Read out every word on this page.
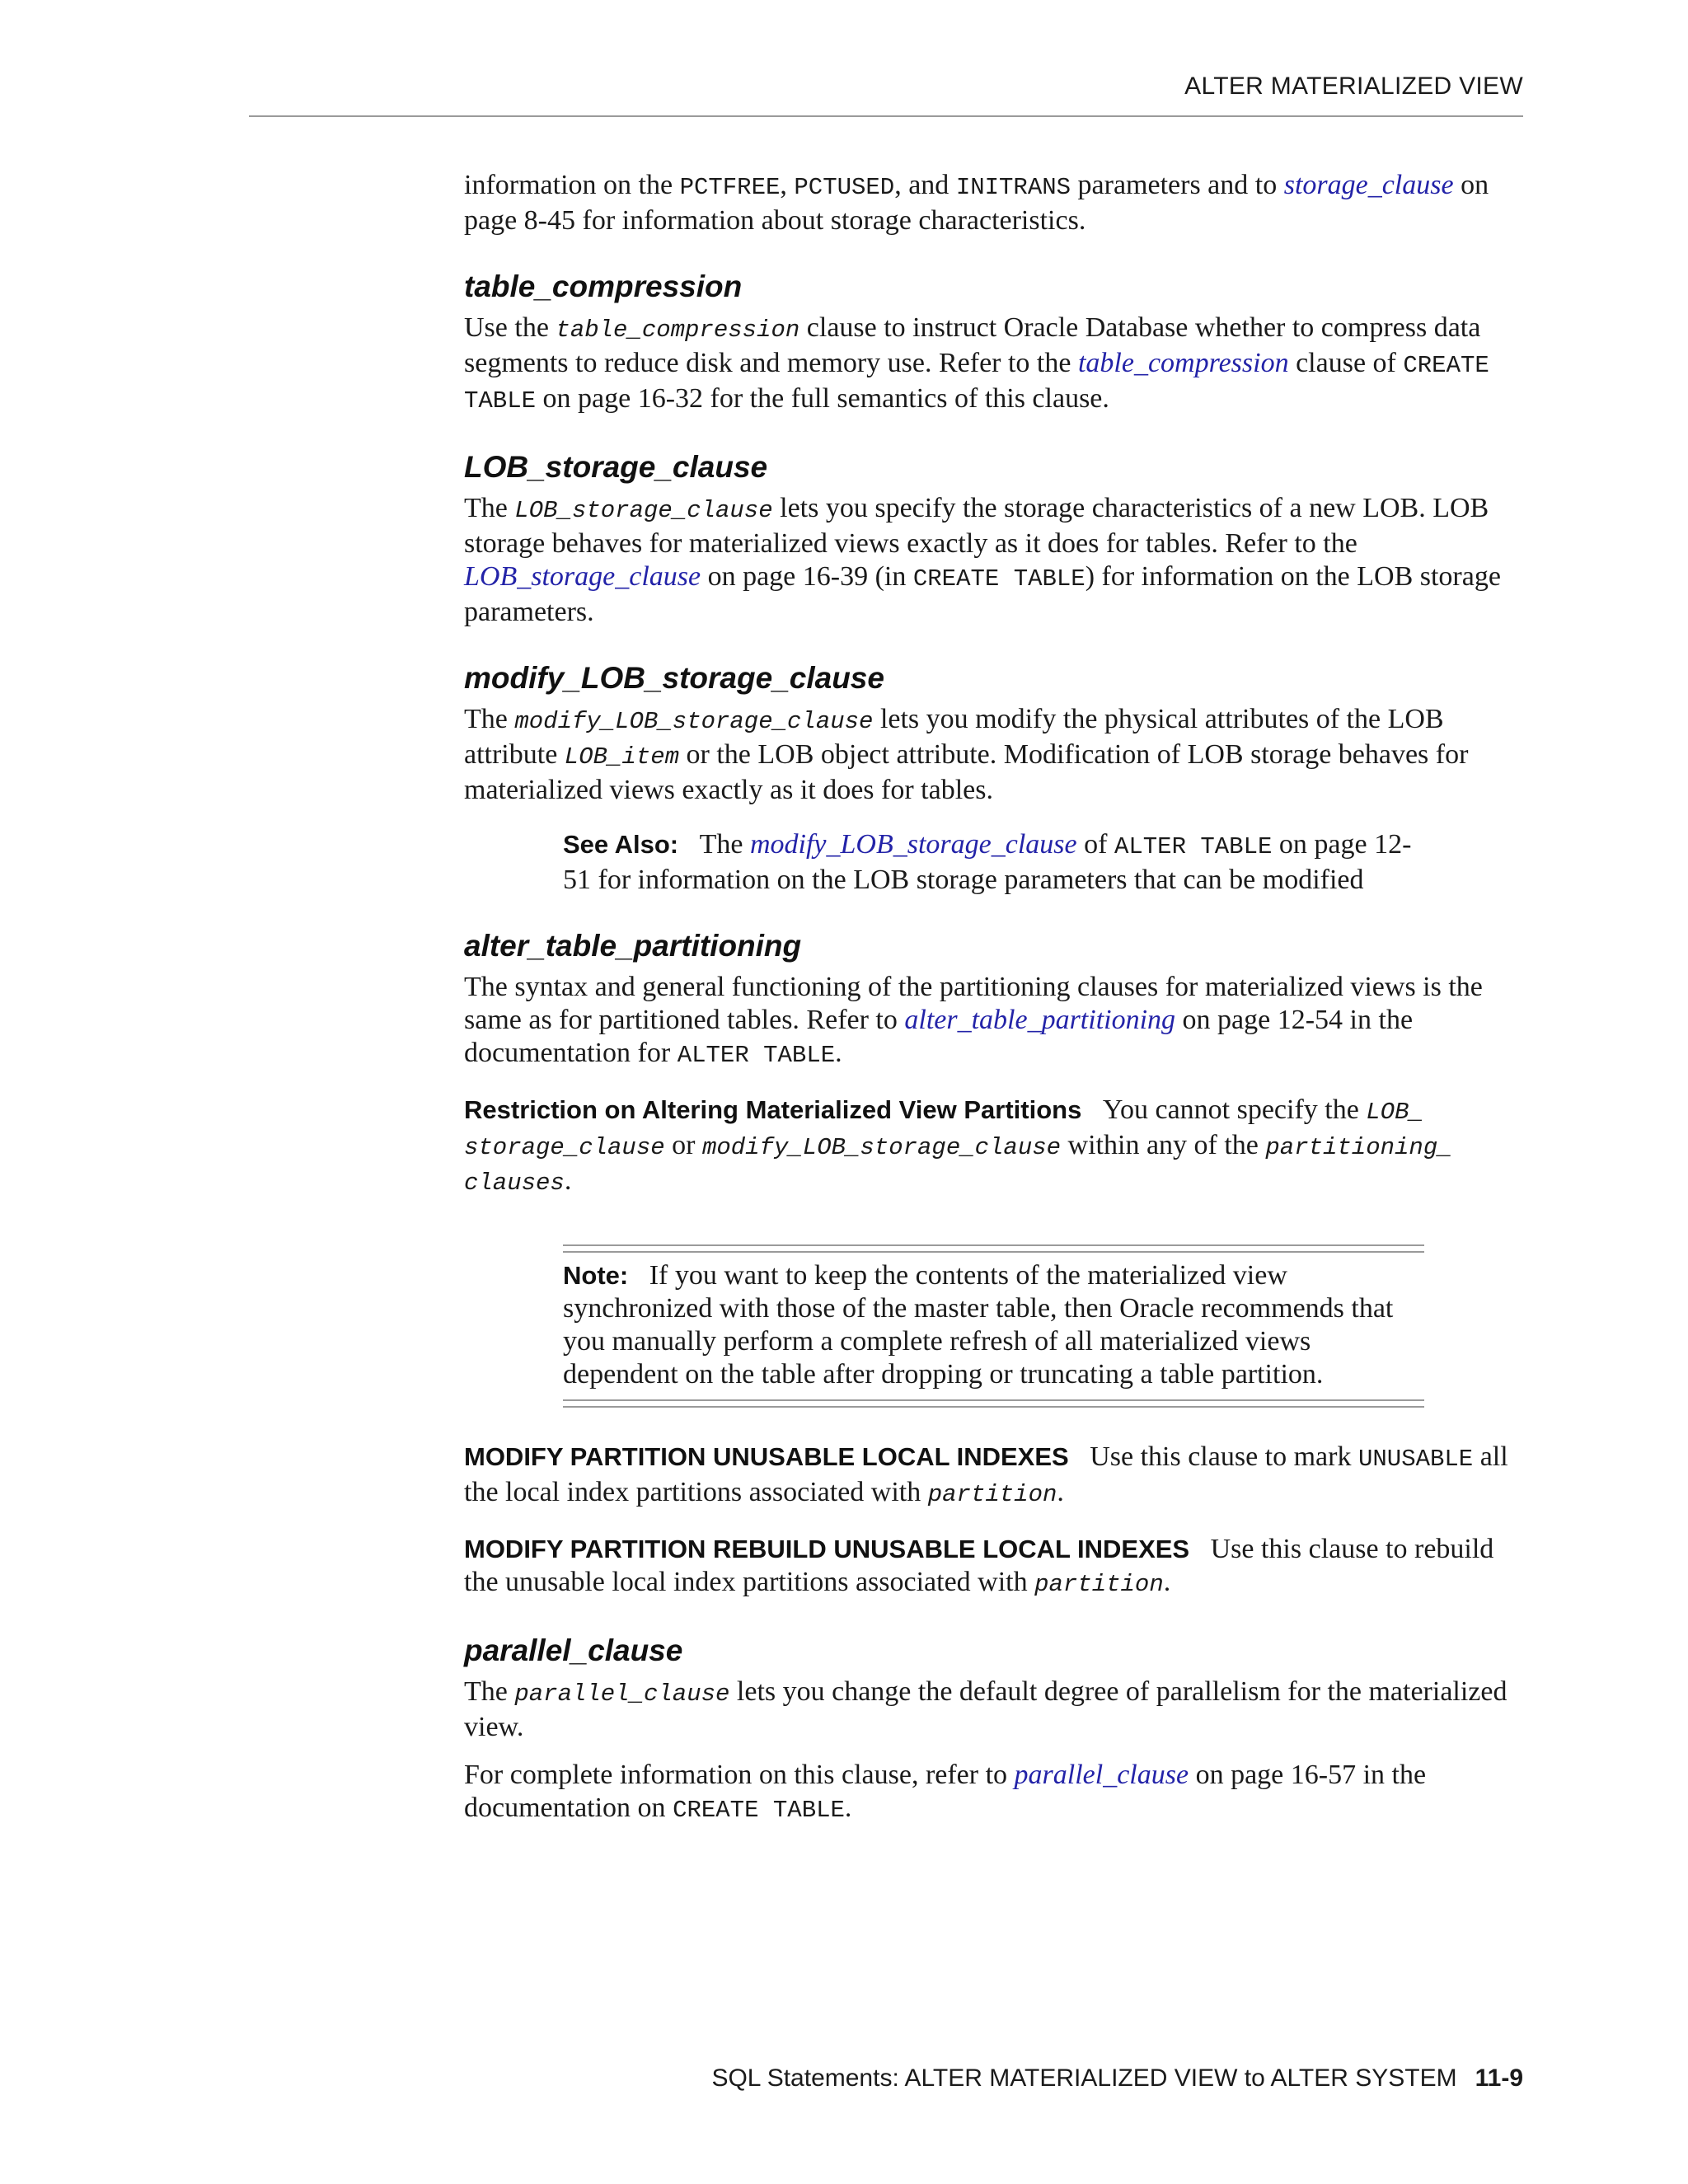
ALTER MATERIALIZED VIEW

information on the PCTFREE, PCTUSED, and INITRANS parameters and to storage_clause on page 8-45 for information about storage characteristics.

table_compression

Use the table_compression clause to instruct Oracle Database whether to compress data segments to reduce disk and memory use. Refer to the table_compression clause of CREATE TABLE on page 16-32 for the full semantics of this clause.

LOB_storage_clause

The LOB_storage_clause lets you specify the storage characteristics of a new LOB. LOB storage behaves for materialized views exactly as it does for tables. Refer to the LOB_storage_clause on page 16-39 (in CREATE TABLE) for information on the LOB storage parameters.

modify_LOB_storage_clause

The modify_LOB_storage_clause lets you modify the physical attributes of the LOB attribute LOB_item or the LOB object attribute. Modification of LOB storage behaves for materialized views exactly as it does for tables.

See Also: The modify_LOB_storage_clause of ALTER TABLE on page 12-51 for information on the LOB storage parameters that can be modified

alter_table_partitioning

The syntax and general functioning of the partitioning clauses for materialized views is the same as for partitioned tables. Refer to alter_table_partitioning on page 12-54 in the documentation for ALTER TABLE.

Restriction on Altering Materialized View Partitions You cannot specify the LOB_ storage_clause or modify_LOB_storage_clause within any of the partitioning_ clauses.

Note: If you want to keep the contents of the materialized view synchronized with those of the master table, then Oracle recommends that you manually perform a complete refresh of all materialized views dependent on the table after dropping or truncating a table partition.

MODIFY PARTITION UNUSABLE LOCAL INDEXES Use this clause to mark UNUSABLE all the local index partitions associated with partition.

MODIFY PARTITION REBUILD UNUSABLE LOCAL INDEXES Use this clause to rebuild the unusable local index partitions associated with partition.

parallel_clause

The parallel_clause lets you change the default degree of parallelism for the materialized view.

For complete information on this clause, refer to parallel_clause on page 16-57 in the documentation on CREATE TABLE.

SQL Statements: ALTER MATERIALIZED VIEW to ALTER SYSTEM 11-9
